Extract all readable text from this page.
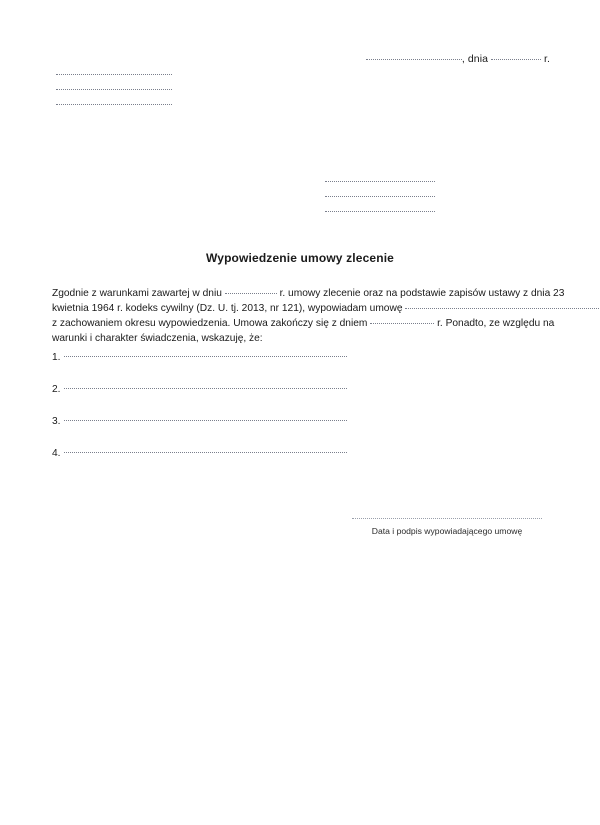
, dnia	r.
Wypowiedzenie umowy zlecenie

Zgodnie z warunkami zawartej w dniu	r. umowy zlecenie oraz na podstawie zapisów ustawy z dnia 23

kwietnia 1964 r. kodeks cywilny (Dz. U. tj. 2013, nr 121), wypowiadam umowę

z zachowaniem okresu wypowiedzenia. Umowa zakończy się z dniem	r. Ponadto, ze względu na

warunki i charakter świadczenia, wskazuję, że:

1.
2.
3.
4.
Data i podpis wypowiadającego umowę
